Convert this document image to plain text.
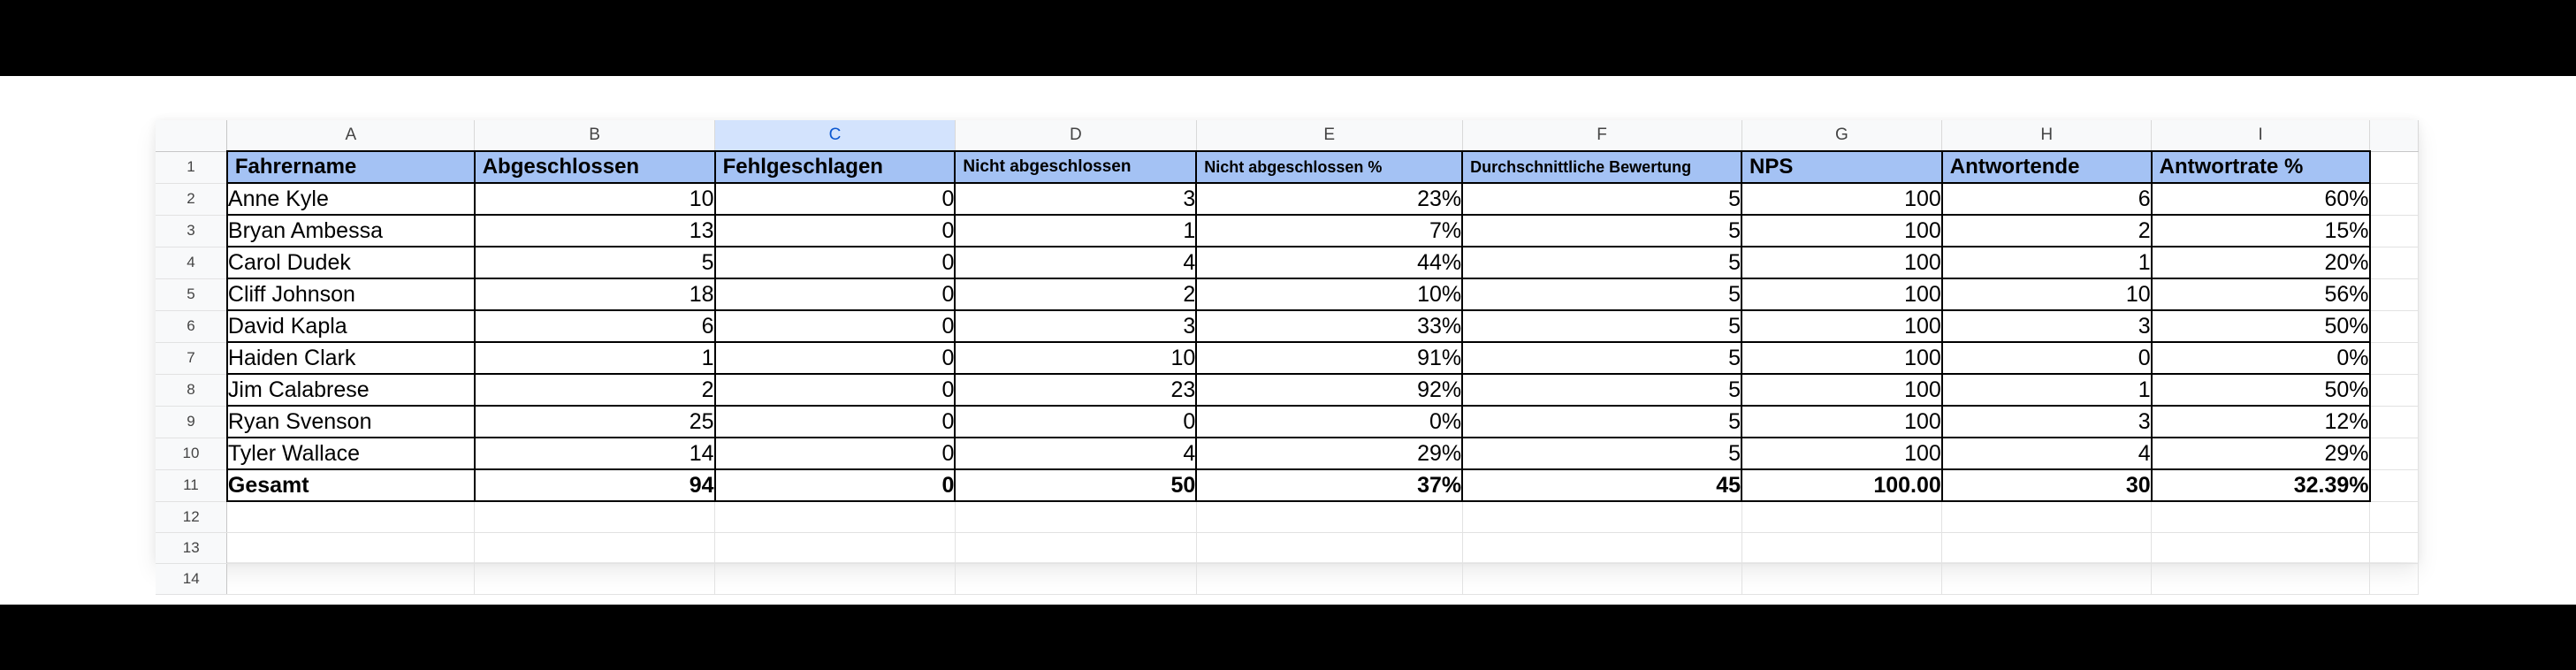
	A	B	C	D	E	F	G	H	I	
1	Fahrername	Abgeschlossen	Fehlgeschlagen	Nicht abgeschlossen	Nicht abgeschlossen %	Durchschnittliche Bewertung	NPS	Antwortende	Antwortrate %	
2	Anne Kyle	10	0	3	23%	5	100	6	60%	
3	Bryan Ambessa	13	0	1	7%	5	100	2	15%	
4	Carol Dudek	5	0	4	44%	5	100	1	20%	
5	Cliff Johnson	18	0	2	10%	5	100	10	56%	
6	David Kapla	6	0	3	33%	5	100	3	50%	
7	Haiden Clark	1	0	10	91%	5	100	0	0%	
8	Jim Calabrese	2	0	23	92%	5	100	1	50%	
9	Ryan Svenson	25	0	0	0%	5	100	3	12%	
10	Tyler Wallace	14	0	4	29%	5	100	4	29%	
11	Gesamt	94	0	50	37%	45	100.00	30	32.39%	
12										
13										
14										
